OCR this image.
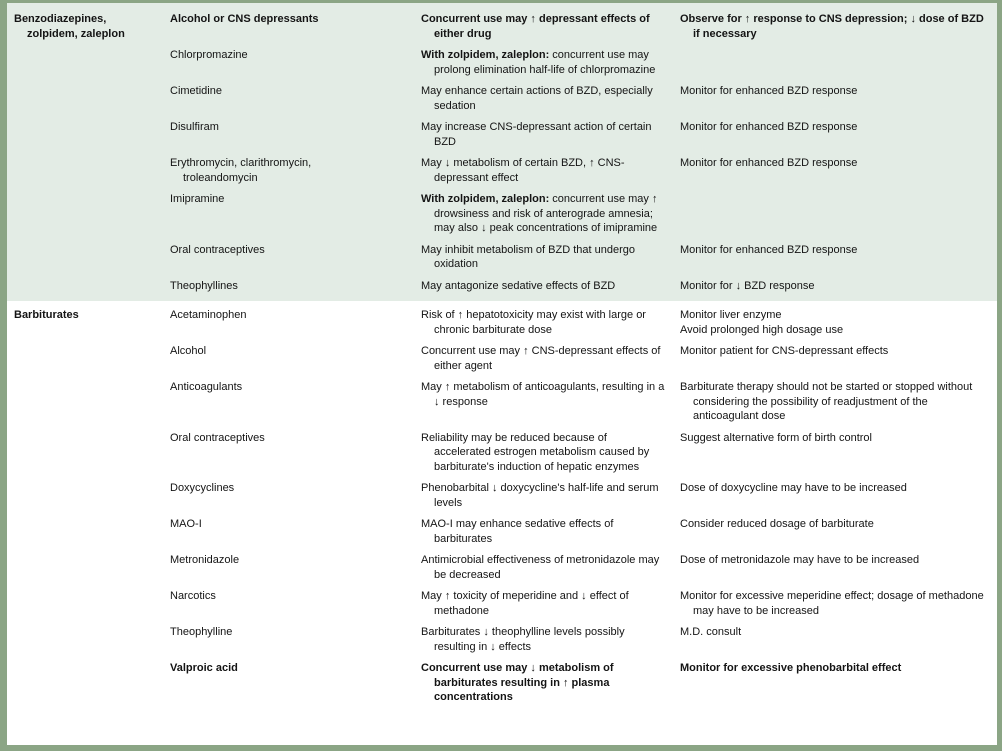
Benzodiazepines, zolpidem, zaleplon	Alcohol or CNS depressants	Concurrent use may ↑ depressant effects of either drug	Observe for ↑ response to CNS depression; ↓ dose of BZD if necessary

	Chlorpromazine	With zolpidem, zaleplon: concurrent use may prolong elimination half-life of chlorpromazine	

	Cimetidine	May enhance certain actions of BZD, especially sedation	Monitor for enhanced BZD response

	Disulfiram	May increase CNS-depressant action of certain BZD	Monitor for enhanced BZD response

	Erythromycin, clarithromycin, troleandomycin	May ↓ metabolism of certain BZD, ↑ CNS-depressant effect	Monitor for enhanced BZD response

	Imipramine	With zolpidem, zaleplon: concurrent use may ↑ drowsiness and risk of anterograde amnesia; may also ↓ peak concentrations of imipramine	

	Oral contraceptives	May inhibit metabolism of BZD that undergo oxidation	Monitor for enhanced BZD response

	Theophyllines	May antagonize sedative effects of BZD	Monitor for ↓ BZD response

Barbiturates	Acetaminophen	Risk of ↑ hepatotoxicity may exist with large or chronic barbiturate dose	Monitor liver enzyme
Avoid prolonged high dosage use

	Alcohol	Concurrent use may ↑ CNS-depressant effects of either agent	Monitor patient for CNS-depressant effects

	Anticoagulants	May ↑ metabolism of anticoagulants, resulting in a ↓ response	Barbiturate therapy should not be started or stopped without considering the possibility of readjustment of the anticoagulant dose

	Oral contraceptives	Reliability may be reduced because of accelerated estrogen metabolism caused by barbiturate's induction of hepatic enzymes	Suggest alternative form of birth control

	Doxycyclines	Phenobarbital ↓ doxycycline's half-life and serum levels	Dose of doxycycline may have to be increased

	MAO-I	MAO-I may enhance sedative effects of barbiturates	Consider reduced dosage of barbiturate

	Metronidazole	Antimicrobial effectiveness of metronidazole may be decreased	Dose of metronidazole may have to be increased

	Narcotics	May ↑ toxicity of meperidine and ↓ effect of methadone	Monitor for excessive meperidine effect; dosage of methadone may have to be increased

	Theophylline	Barbiturates ↓ theophylline levels possibly resulting in ↓ effects	M.D. consult

	Valproic acid	Concurrent use may ↓ metabolism of barbiturates resulting in ↑ plasma concentrations	Monitor for excessive phenobarbital effect
